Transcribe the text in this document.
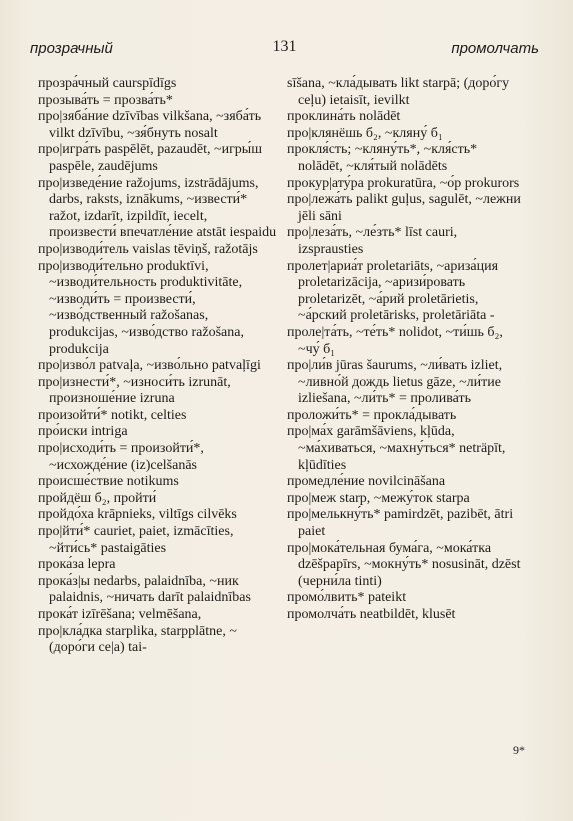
прозрачный	131	промолчать
прозра́чный caurspīdīgs
прозыва́ть = прозва́ть*
про|зяба́ние dzīvības vilkšana, ~зяба́ть vilkt dzīvību, ~зя́бнуть nosalt
про|игра́ть paspēlēt, pazaudēt, ~игры́ш paspēle, zaudējums
про|изведе́ние ražojums, izstrādājums, darbs, raksts, iznākums, ~извести́* ražot, izdarīt, izpildīt, iecelt, произвести́ впечатле́ние atstāt iespaidu
про|изводи́тель vaislas tēviņš, ražotājs
про|изводи́тельно produktīvi, ~изводи́тельность produktivitāte, ~изводи́ть = произвести́, ~изво́дственный ražošanas, produkcijas, ~изво́дство ražošana, produkcija
про|изво́л patvaļa, ~изво́льно patvaļīgi
про|изнести́*, ~износи́ть izrunāt, произноше́ние izruna
произойти́* notikt, celties
про́иски intriga
про|исходи́ть = произойти́*, ~исхожде́ние (iz)celšanās
происше́ствие notikums
пройдёш б₂, пройти́
пройдо́ха krāpnieks, viltīgs cilvēks
про|йти́* cauriet, paiet, izmācīties, ~йти́сь* pastaigāties
прока́за lepra
прока́з|ы nedarbs, palaidnība, ~ник palaidnis, ~ничать darīt palaidnības
прока́т izīrēšana; velmēšana,
про|кла́дка starplika, starpplātne, ~ (доро́ги ce|a) tai-
sīšana, ~кла́дывать likt starpā; (доро́гу ceļu) ietaisīt, ievilkt
проклина́ть nolādēt
про|клянёшь б₂, ~кляну́ б₁
прокля́сть; ~кляну́ть*, ~кля́сть* nolādēt, ~кля́тый nolādēts
прокур|ату́ра prokuratūra, ~о́р prokurors
про|лежа́ть palikt guļus, sagulēt, ~лежни jēli sāni
про|леза́ть, ~ле́зть* līst cauri, izsprausties
пролет|ариа́т proletariāts, ~ариза́ция proletarizācija, ~аризи́ровать proletarizēt, ~а́рий proletārietis, ~а́рский proletārisks, proletāriāta -
проле|та́ть, ~те́ть* nolidot, ~ти́шь б₂, ~чу́ б₁
про|ли́в jūras šaurums, ~ли́вать izliet, ~ливно́й дождь lietus gāze, ~ли́тие izliešana, ~ли́ть* = пролива́ть
проложи́ть* = прокла́дывать
про|ма́х garāmšāviens, kļūda, ~ма́хиваться, ~махну́ться* neträpīt, kļūdīties
промедле́ние novilcināšana
про|меж starp, ~межу́ток starpa
про|мелькну́ть* pamirdzēt, pazibēt, ātri paiet
про|мока́тельная бума́га, ~мока́тка dzēšpapīrs, ~мокну́ть* nosusināt, dzēst (черни́ла tinti)
промо́лвить* pateikt
промолча́ть neatbildēt, klusēt
9*
